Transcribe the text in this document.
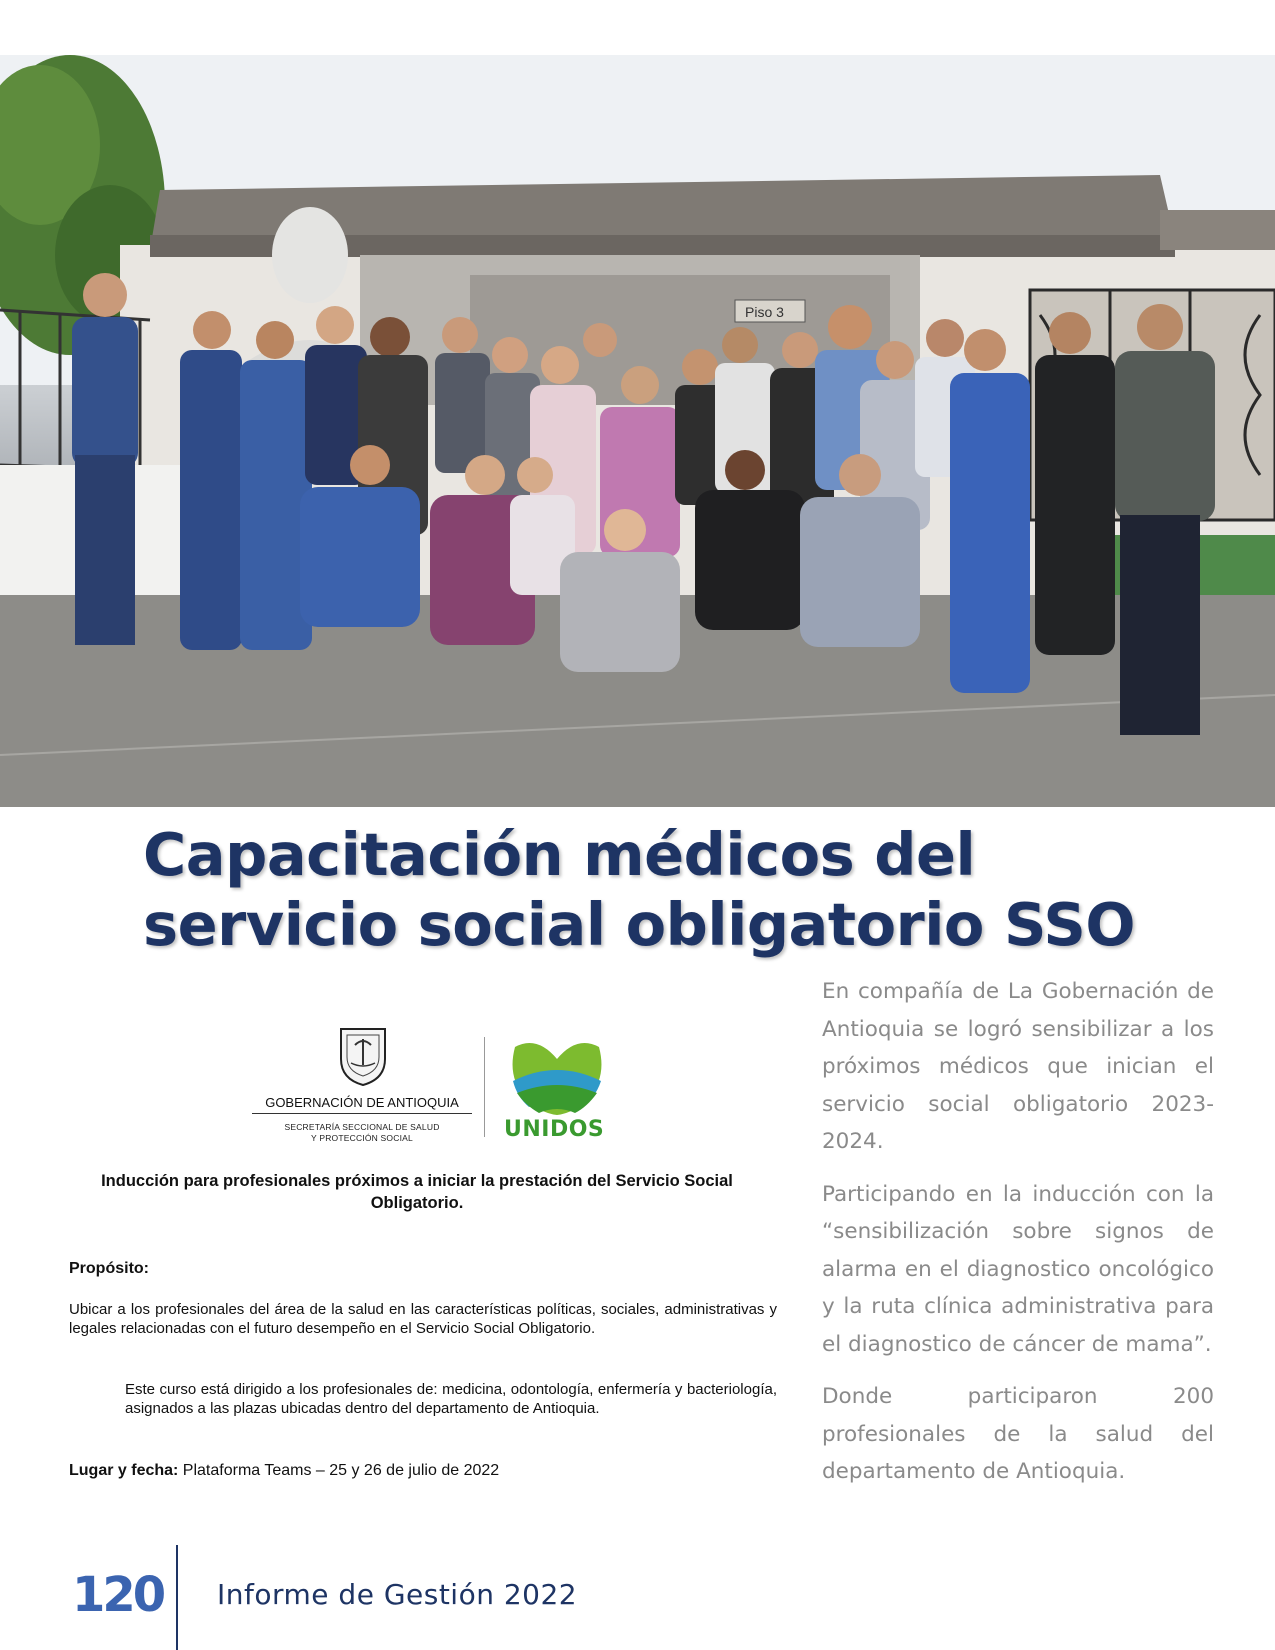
Piso 3
Capacitación médicos del
servicio social obligatorio SSO
GOBERNACIÓN DE ANTIOQUIA
SECRETARÍA SECCIONAL DE SALUD
Y PROTECCIÓN SOCIAL	UNIDOS

Inducción para profesionales próximos a iniciar la prestación del Servicio Social Obligatorio.

Propósito:

Ubicar a los profesionales del área de la salud en las características políticas, sociales, administrativas y legales relacionadas con el futuro desempeño en el Servicio Social Obligatorio.

Este curso está dirigido a los profesionales de: medicina, odontología, enfermería y bacteriología, asignados a las plazas ubicadas dentro del departamento de Antioquia.

Lugar y fecha: Plataforma Teams – 25 y 26 de julio de 2022

En compañía de La Gobernación de Antioquia se logró sensibilizar a los próximos médicos que inician el servicio social obligatorio 2023-2024.

Participando en la inducción con la “sensibilización sobre signos de alarma en el diagnostico oncológico y la ruta clínica administrativa para el diagnostico de cáncer de mama”.

Donde participaron 200 profesionales de la salud del departamento de Antioquia.

120 Informe de Gestión 2022
